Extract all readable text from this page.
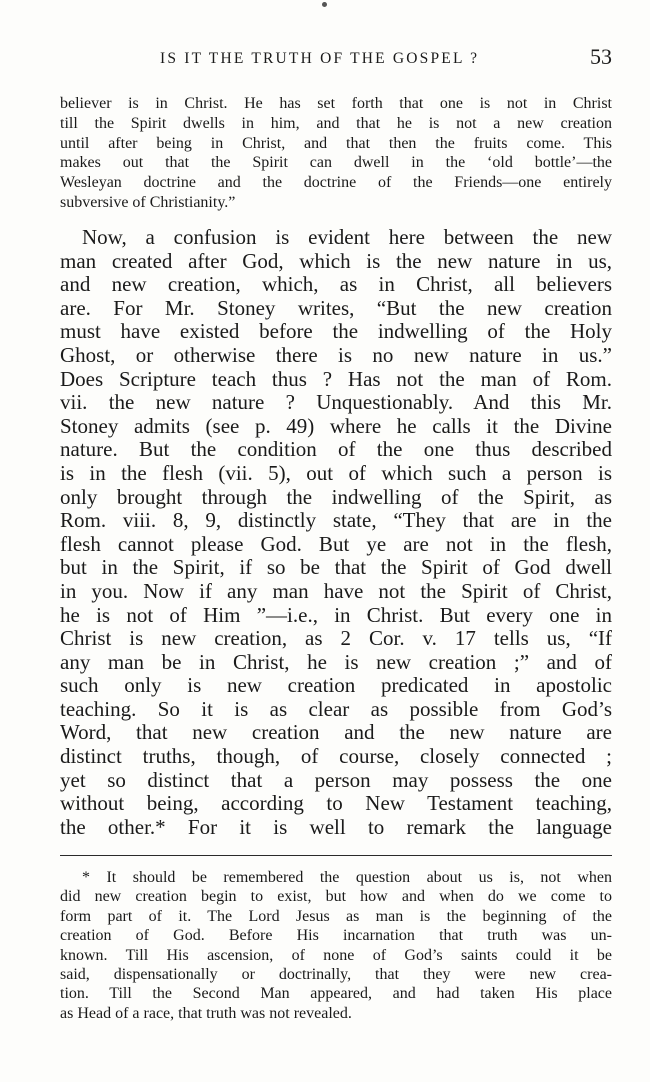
IS IT THE TRUTH OF THE GOSPEL ?	53
believer is in Christ. He has set forth that one is not in Christ
till the Spirit dwells in him, and that he is not a new creation
until after being in Christ, and that then the fruits come. This
makes out that the Spirit can dwell in the ‘old bottle’—the
Wesleyan doctrine and the doctrine of the Friends—one entirely
subversive of Christianity.”
Now, a confusion is evident here between the new
man created after God, which is the new nature in us,
and new creation, which, as in Christ, all believers
are. For Mr. Stoney writes, “But the new creation
must have existed before the indwelling of the Holy
Ghost, or otherwise there is no new nature in us.”
Does Scripture teach thus ? Has not the man of Rom.
vii. the new nature ? Unquestionably. And this Mr.
Stoney admits (see p. 49) where he calls it the Divine
nature. But the condition of the one thus described
is in the flesh (vii. 5), out of which such a person is
only brought through the indwelling of the Spirit, as
Rom. viii. 8, 9, distinctly state, “They that are in the
flesh cannot please God. But ye are not in the flesh,
but in the Spirit, if so be that the Spirit of God dwell
in you. Now if any man have not the Spirit of Christ,
he is not of Him ”—i.e., in Christ. But every one in
Christ is new creation, as 2 Cor. v. 17 tells us, “If
any man be in Christ, he is new creation ;” and of
such only is new creation predicated in apostolic
teaching. So it is as clear as possible from God’s
Word, that new creation and the new nature are
distinct truths, though, of course, closely connected ;
yet so distinct that a person may possess the one
without being, according to New Testament teaching,
the other.* For it is well to remark the language
* It should be remembered the question about us is, not when
did new creation begin to exist, but how and when do we come to
form part of it. The Lord Jesus as man is the beginning of the
creation of God. Before His incarnation that truth was un-
known. Till His ascension, of none of God’s saints could it be
said, dispensationally or doctrinally, that they were new crea-
tion. Till the Second Man appeared, and had taken His place
as Head of a race, that truth was not revealed.
